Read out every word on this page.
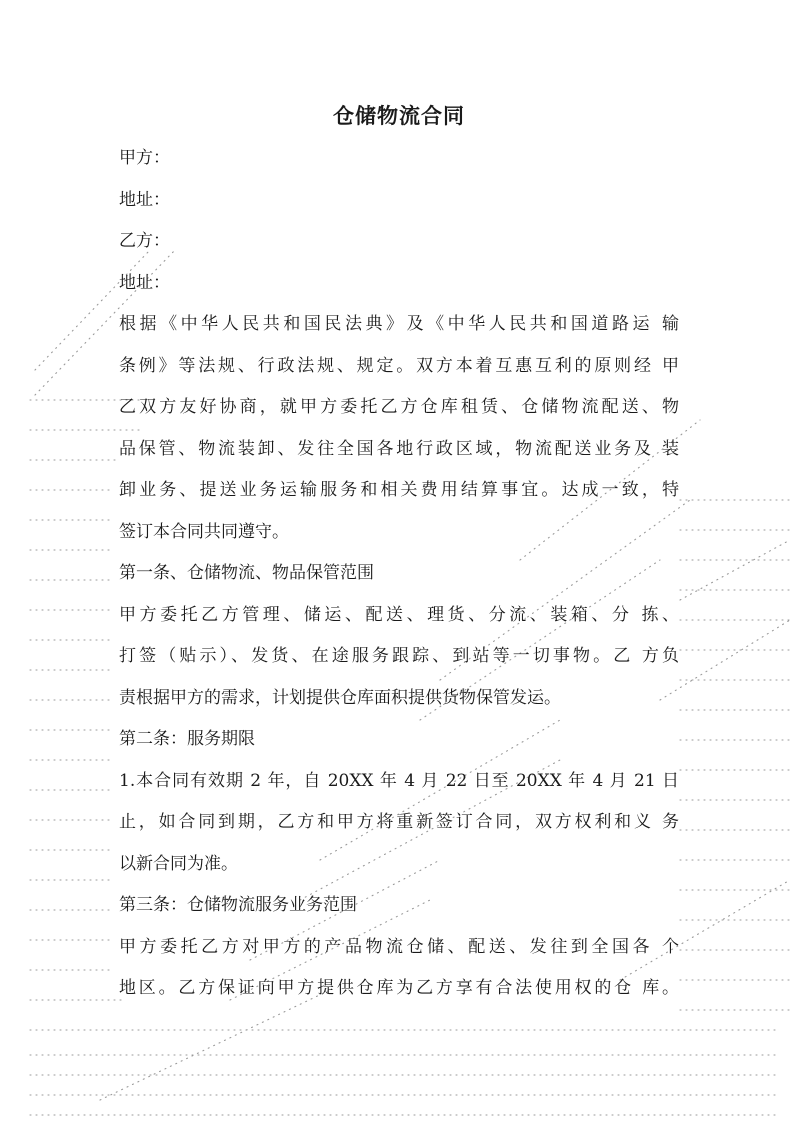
仓储物流合同

甲方：

地址：

乙方：

地址：

根据《中华人民共和国民法典》及《中华人民共和国道路运 输

条例》等法规、行政法规、规定。双方本着互惠互利的原则经 甲

乙双方友好协商，就甲方委托乙方仓库租赁、仓储物流配送、物

品保管、物流装卸、发往全国各地行政区域，物流配送业务及 装

卸业务、提送业务运输服务和相关费用结算事宜。达成一致，特

签订本合同共同遵守。

第一条、仓储物流、物品保管范围

甲方委托乙方管理、储运、配送、理货、分流、装箱、分 拣、

打签（贴示）、发货、在途服务跟踪、到站等一切事物。乙 方负

责根据甲方的需求，计划提供仓库面积提供货物保管发运。

第二条：服务期限

1.本合同有效期 2 年，自 20XX 年 4 月 22 日至 20XX 年 4 月 21 日

止，如合同到期，乙方和甲方将重新签订合同，双方权利和义 务

以新合同为准。

第三条：仓储物流服务业务范围

甲方委托乙方对甲方的产品物流仓储、配送、发往到全国各 个

地区。乙方保证向甲方提供仓库为乙方享有合法使用权的仓 库。
